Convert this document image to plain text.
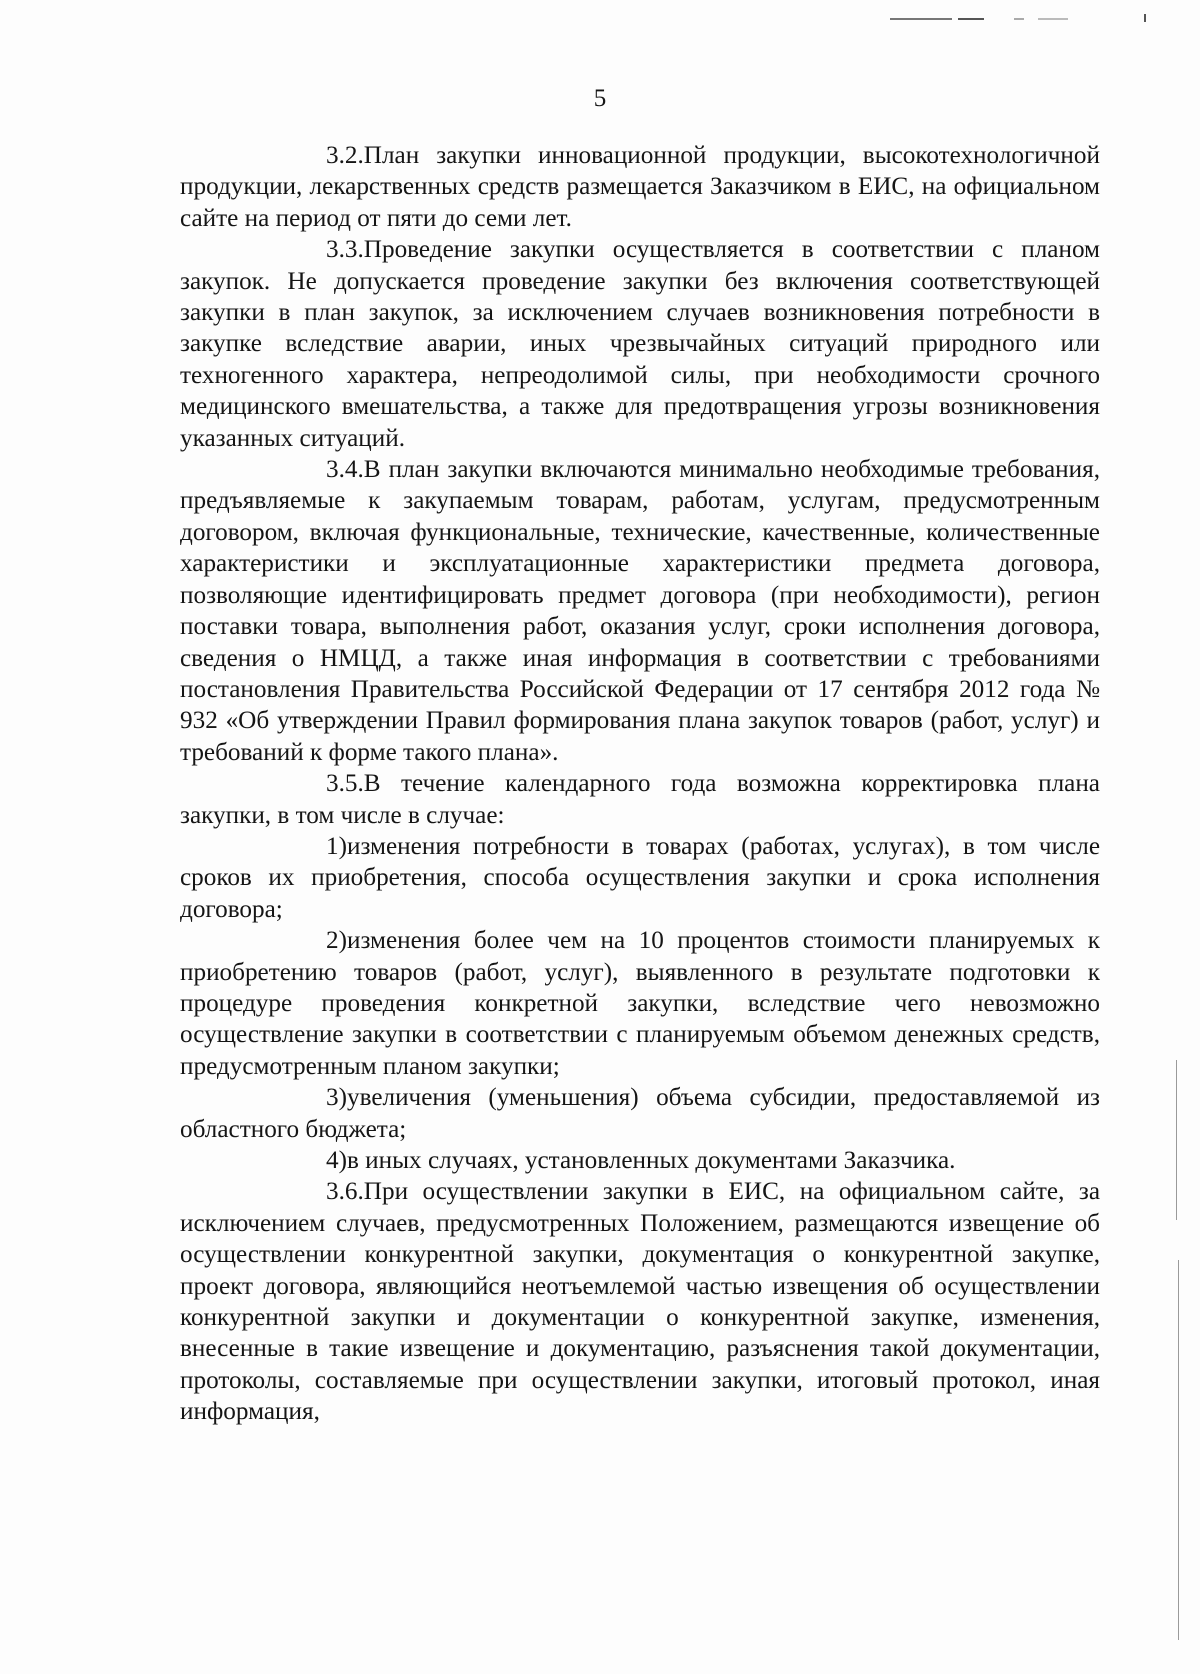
5

3.2.План закупки инновационной продукции, высокотехнологичной продукции, лекарственных средств размещается Заказчиком в ЕИС, на официальном сайте на период от пяти до семи лет.

3.3.Проведение закупки осуществляется в соответствии с планом закупок. Не допускается проведение закупки без включения соответствующей закупки в план закупок, за исключением случаев возникновения потребности в закупке вследствие аварии, иных чрезвычайных ситуаций природного или техногенного характера, непреодолимой силы, при необходимости срочного медицинского вмешательства, а также для предотвращения угрозы возникновения указанных ситуаций.

3.4.В план закупки включаются минимально необходимые требования, предъявляемые к закупаемым товарам, работам, услугам, предусмотренным договором, включая функциональные, технические, качественные, количественные характеристики и эксплуатационные характеристики предмета договора, позволяющие идентифицировать предмет договора (при необходимости), регион поставки товара, выполнения работ, оказания услуг, сроки исполнения договора, сведения о НМЦД, а также иная информация в соответствии с требованиями постановления Правительства Российской Федерации от 17 сентября 2012 года № 932 «Об утверждении Правил формирования плана закупок товаров (работ, услуг) и требований к форме такого плана».

3.5.В течение календарного года возможна корректировка плана закупки, в том числе в случае:

1)изменения потребности в товарах (работах, услугах), в том числе сроков их приобретения, способа осуществления закупки и срока исполнения договора;

2)изменения более чем на 10 процентов стоимости планируемых к приобретению товаров (работ, услуг), выявленного в результате подготовки к процедуре проведения конкретной закупки, вследствие чего невозможно осуществление закупки в соответствии с планируемым объемом денежных средств, предусмотренным планом закупки;

3)увеличения (уменьшения) объема субсидии, предоставляемой из областного бюджета;

4)в иных случаях, установленных документами Заказчика.

3.6.При осуществлении закупки в ЕИС, на официальном сайте, за исключением случаев, предусмотренных Положением, размещаются извещение об осуществлении конкурентной закупки, документация о конкурентной закупке, проект договора, являющийся неотъемлемой частью извещения об осуществлении конкурентной закупки и документации о конкурентной закупке, изменения, внесенные в такие извещение и документацию, разъяснения такой документации, протоколы, составляемые при осуществлении закупки, итоговый протокол, иная информация,
